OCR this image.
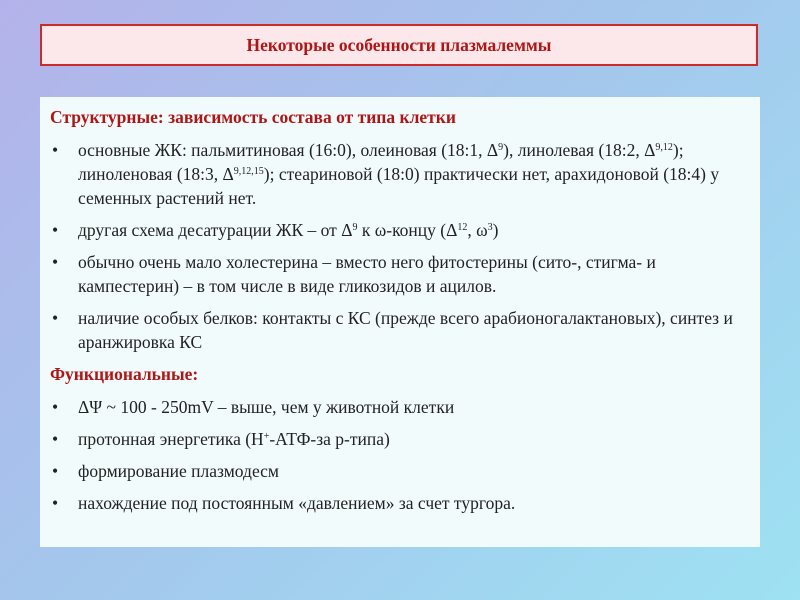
Некоторые особенности плазмалеммы
Структурные: зависимость состава от типа клетки
• основные ЖК: пальмитиновая (16:0), олеиновая (18:1, $\Delta^9$), линолевая (18:2, Δ$^{9,12}$); линоленовая (18:3, Δ$^{9,12,15}$); стеариновой (18:0) практически нет, арахидоновой (18:4) у семенных растений нет.
• другая схема десатурации ЖК – от $\Delta^9$ к ω-концу ($\Delta^{12}$, $\omega^3$)
• обычно очень мало холестерина – вместо него фитостерины (сито-, стигма- и кампестерин) – в том числе в виде гликозидов и ацилов.
• наличие особых белков: контакты с КС (прежде всего арабионогалактановых), синтез и аранжировка КС
Функциональные:
• ΔΨ ~ 100 - 250mV – выше, чем у животной клетки
• протонная энергетика (Н+-АТФ-за р-типа)
• формирование плазмодесм
• нахождение под постоянным «давлением» за счет тургора.
